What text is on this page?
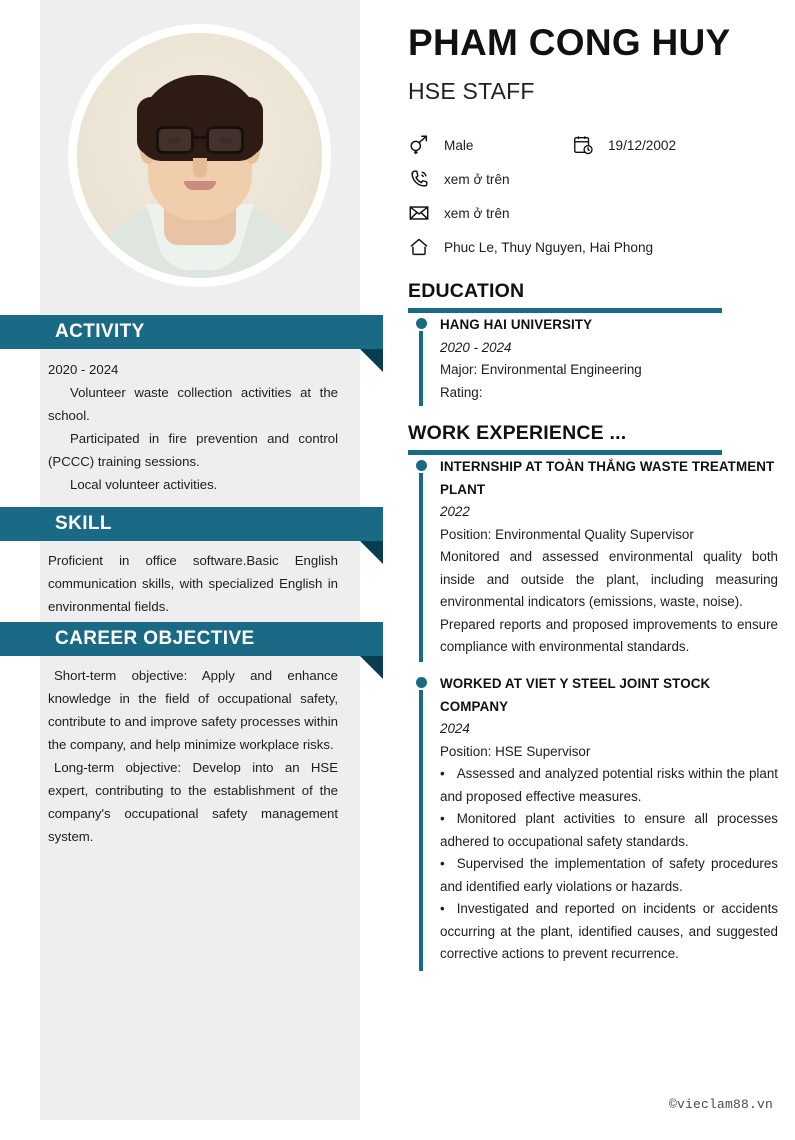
ACTIVITY

2020 - 2024

Volunteer waste collection activities at the school.

Participated in fire prevention and control (PCCC) training sessions.

Local volunteer activities.

SKILL

Proficient in office software.Basic English communication skills, with specialized English in environmental fields.

CAREER OBJECTIVE

Short-term objective: Apply and enhance knowledge in the field of occupational safety, contribute to and improve safety processes within the company, and help minimize workplace risks.

Long-term objective: Develop into an HSE expert, contributing to the establishment of the company's occupational safety management system.

PHAM CONG HUY
HSE STAFF
Male	19/12/2002
xem ở trên
xem ở trên
Phuc Le, Thuy Nguyen, Hai Phong
EDUCATION
HANG HAI UNIVERSITY
2020 - 2024
Major: Environmental Engineering
Rating:
WORK EXPERIENCE ...
INTERNSHIP AT TOÀN THẮNG WASTE TREATMENT PLANT
2022
Position: Environmental Quality Supervisor
Monitored and assessed environmental quality both inside and outside the plant, including measuring environmental indicators (emissions, waste, noise).
Prepared reports and proposed improvements to ensure compliance with environmental standards.
WORKED AT VIET Y STEEL JOINT STOCK COMPANY
2024
Position: HSE Supervisor
• Assessed and analyzed potential risks within the plant and proposed effective measures.
• Monitored plant activities to ensure all processes adhered to occupational safety standards.
• Supervised the implementation of safety procedures and identified early violations or hazards.
• Investigated and reported on incidents or accidents occurring at the plant, identified causes, and suggested corrective actions to prevent recurrence.
©vieclam88.vn
